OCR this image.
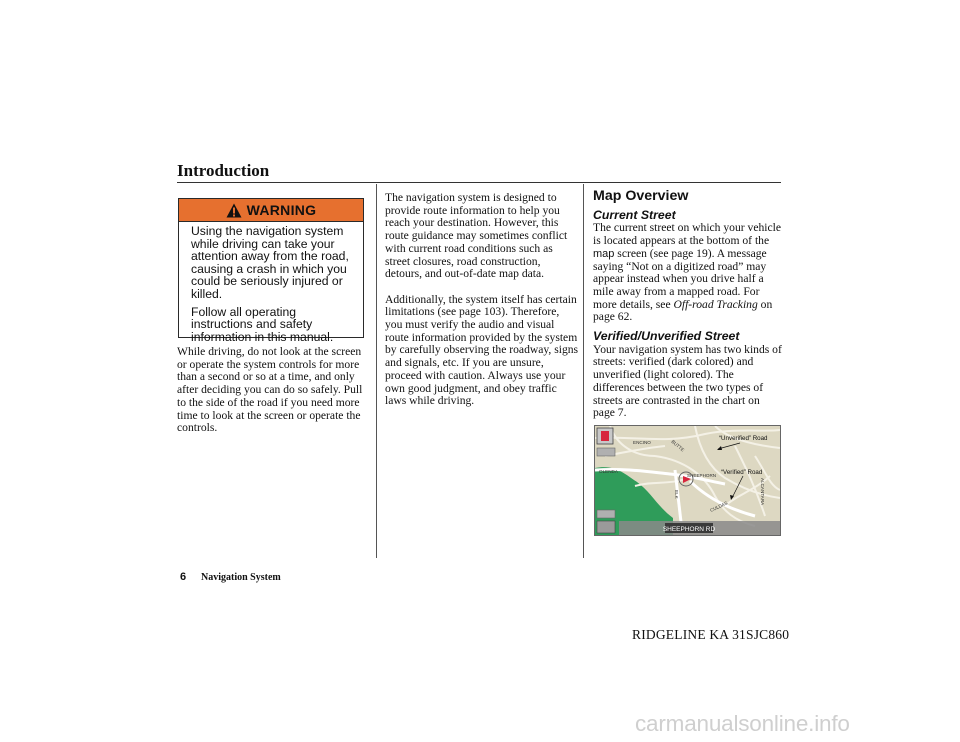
Introduction
WARNING

Using the navigation system while driving can take your attention away from the road, causing a crash in which you could be seriously injured or killed.

Follow all operating instructions and safety information in this manual.

While driving, do not look at the screen or operate the system controls for more than a second or so at a time, and only after deciding you can do so safely. Pull to the side of the road if you need more time to look at the screen or operate the controls.

The navigation system is designed to provide route information to help you reach your destination. However, this route guidance may sometimes conflict with current road conditions such as street closures, road construction, detours, and out-of-date map data.

Additionally, the system itself has certain limitations (see page 103). Therefore, you must verify the audio and visual route information provided by the system by carefully observing the roadway, signs and signals, etc. If you are unsure, proceed with caution. Always use your own good judgment, and obey traffic laws while driving.

Map Overview
Current Street

The current street on which your vehicle is located appears at the bottom of the map screen (see page 19). A message saying “Not on a digitized road” may appear instead when you drive half a mile away from a mapped road. For more details, see Off-road Tracking on page 62.

Verified/Unverified Street

Your navigation system has two kinds of streets: verified (dark colored) and unverified (light colored). The differences between the two types of streets are contrasted in the chart on page 7.

SHEEPHORN RD
ENCINO	BUTTE
OLENDA
SHEEPHORN
ELK
CULDAS
ALCANTARA
“Unverified” Road
“Verified” Road
6 Navigation System
RIDGELINE KA 31SJC860
carmanualsonline.info
